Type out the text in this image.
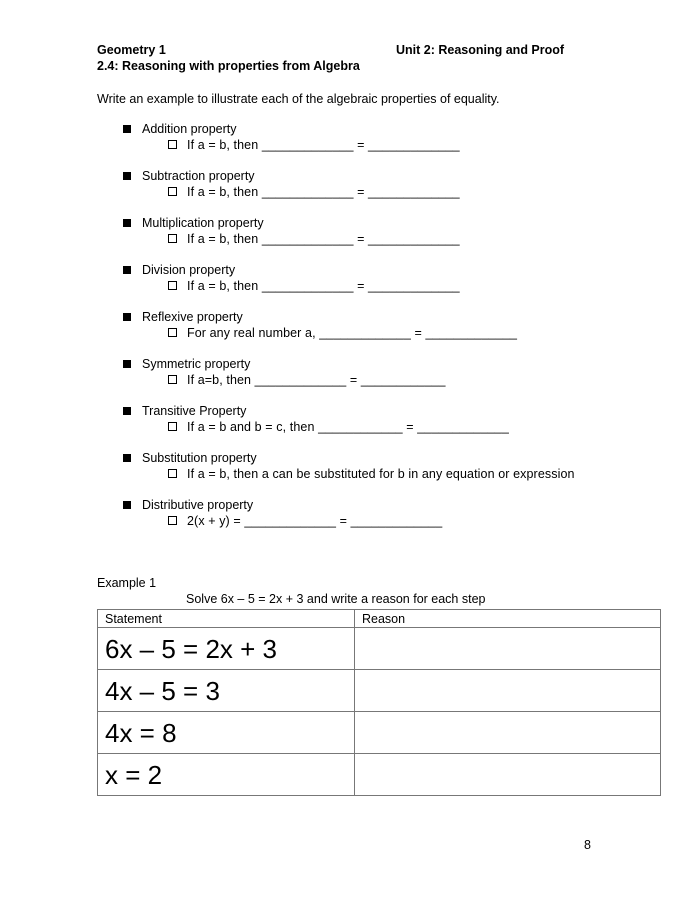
Geometry 1	Unit 2: Reasoning and Proof
2.4: Reasoning with properties from Algebra
Write an example to illustrate each of the algebraic properties of equality.
Addition property
If a = b, then _____________ = _____________
Subtraction property
If a = b, then _____________ = _____________
Multiplication property
If a = b, then _____________ = _____________
Division property
If a = b, then _____________ = _____________
Reflexive property
For any real number a, _____________ = _____________
Symmetric property
If a=b, then _____________ = ____________
Transitive Property
If a = b and b = c, then ____________ = _____________
Substitution property
If a = b, then a can be substituted for b in any equation or expression
Distributive property
2(x + y) = _____________ = _____________
Example 1
Solve 6x – 5 = 2x + 3 and write a reason for each step
Statement	Reason
6x – 5 = 2x + 3	
4x – 5 = 3	
4x = 8	
x = 2	
8
